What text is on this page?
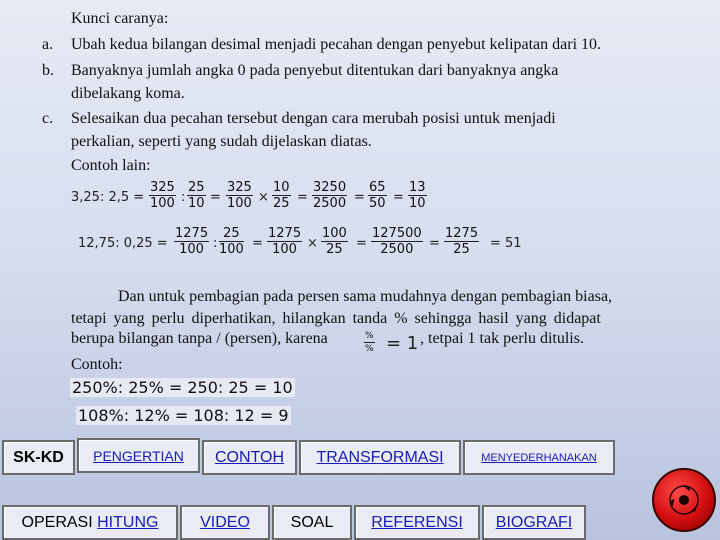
Kunci caranya:
a. Ubah kedua bilangan desimal menjadi pecahan dengan penyebut kelipatan dari 10.
b. Banyaknya jumlah angka 0 pada penyebut ditentukan dari banyaknya angka
dibelakang koma.
c. Selesaikan dua pecahan tersebut dengan cara merubah posisi untuk menjadi
perkalian, seperti yang sudah dijelaskan diatas.
Contoh lain:
3,25: $2,5 = \frac{325}{100}$ : $\frac{25}{10} = \frac{325}{100} \times \frac{10}{25} = \frac{3250}{2500} = \frac{65}{50} = \frac{13}{10}$
12,75: $0,25 = \frac{1275}{100}$ : $\frac{25}{100} = \frac{1275}{100} \times \frac{100}{25} = \frac{127500}{2500} = \frac{1275}{25} = 51$
Dan untuk pembagian pada persen sama mudahnya dengan pembagian biasa,
tetapi yang perlu diperhatikan, hilangkan tanda % sehingga hasil yang didapat
berupa bilangan tanpa / (persen), karena	%
% = 1 , tetpai 1 tak perlu ditulis.
Contoh:
250%: 25% = 250: 25 = 10
108%: 12% = 108: 12 = 9
SK-KD	PENGERTIAN	CONTOH	TRANSFORMASI	MENYEDERHANAKAN
OPERASI
HITUNG	VIDEO	SOAL	REFERENSI	BIOGRAFI
